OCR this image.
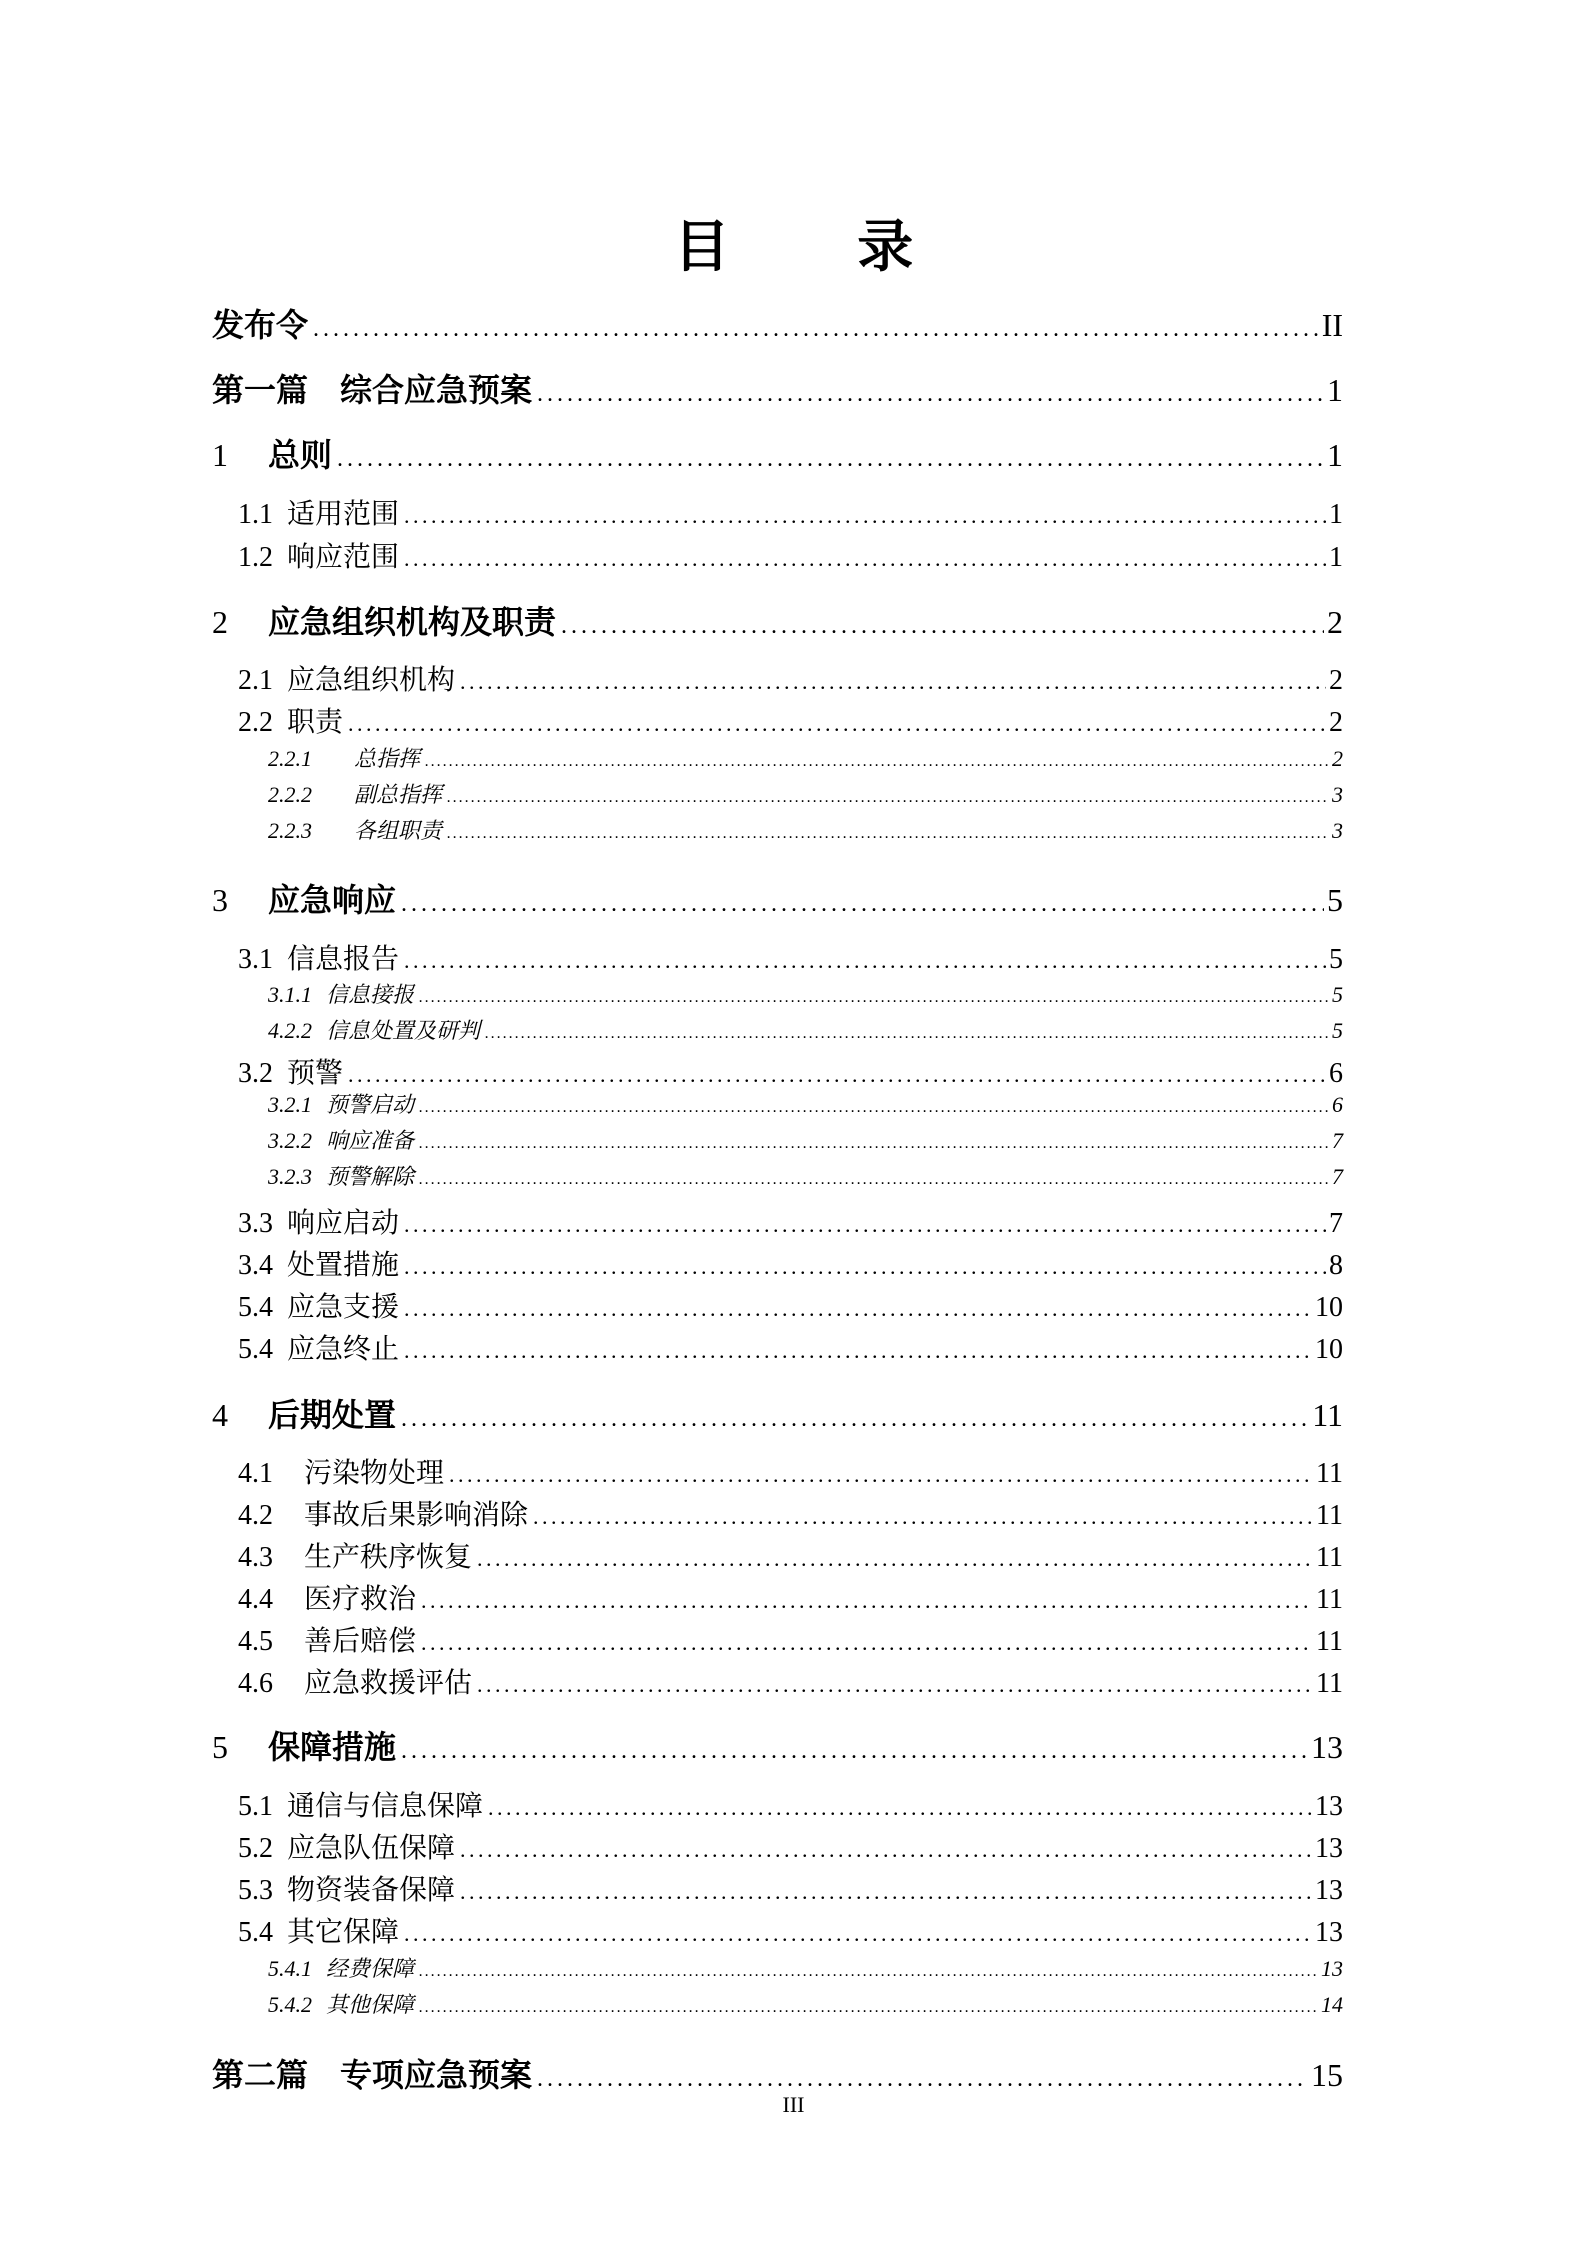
目 录
发布令 . . .	II
第一篇　综合应急预案 . . .	1
1	总则 . . .	1
1.1 适用范围 . . .	1
1.2 响应范围 . . .	1
2	应急组织机构及职责 . . .	2
2.1 应急组织机构 . . .	2
2.2 职责 . . .	2
2.2.1	总指挥 . . .	2
2.2.2	副总指挥 . . .	3
2.2.3	各组职责 . . .	3
3	应急响应 . . .	5
3.1 信息报告 . . .	5
3.1.1 信息接报 . . .	5
4.2.2 信息处置及研判 . . .	5
3.2 预警 . . .	6
3.2.1 预警启动 . . .	6
3.2.2 响应准备 . . .	7
3.2.3 预警解除 . . .	7
3.3 响应启动 . . .	7
3.4 处置措施 . . .	8
5.4 应急支援 . . .	10
5.4 应急终止 . . .	10
4	后期处置 . . .	11
4.1	污染物处理 . . .	11
4.2	事故后果影响消除 . . .	11
4.3	生产秩序恢复 . . .	11
4.4	医疗救治 . . .	11
4.5	善后赔偿 . . .	11
4.6	应急救援评估 . . .	11
5	保障措施 . . .	13
5.1 通信与信息保障 . . .	13
5.2 应急队伍保障 . . .	13
5.3 物资装备保障 . . .	13
5.4 其它保障 . . .	13
5.4.1 经费保障 . . .	13
5.4.2 其他保障 . . .	14
第二篇　专项应急预案 . . .	15
III
